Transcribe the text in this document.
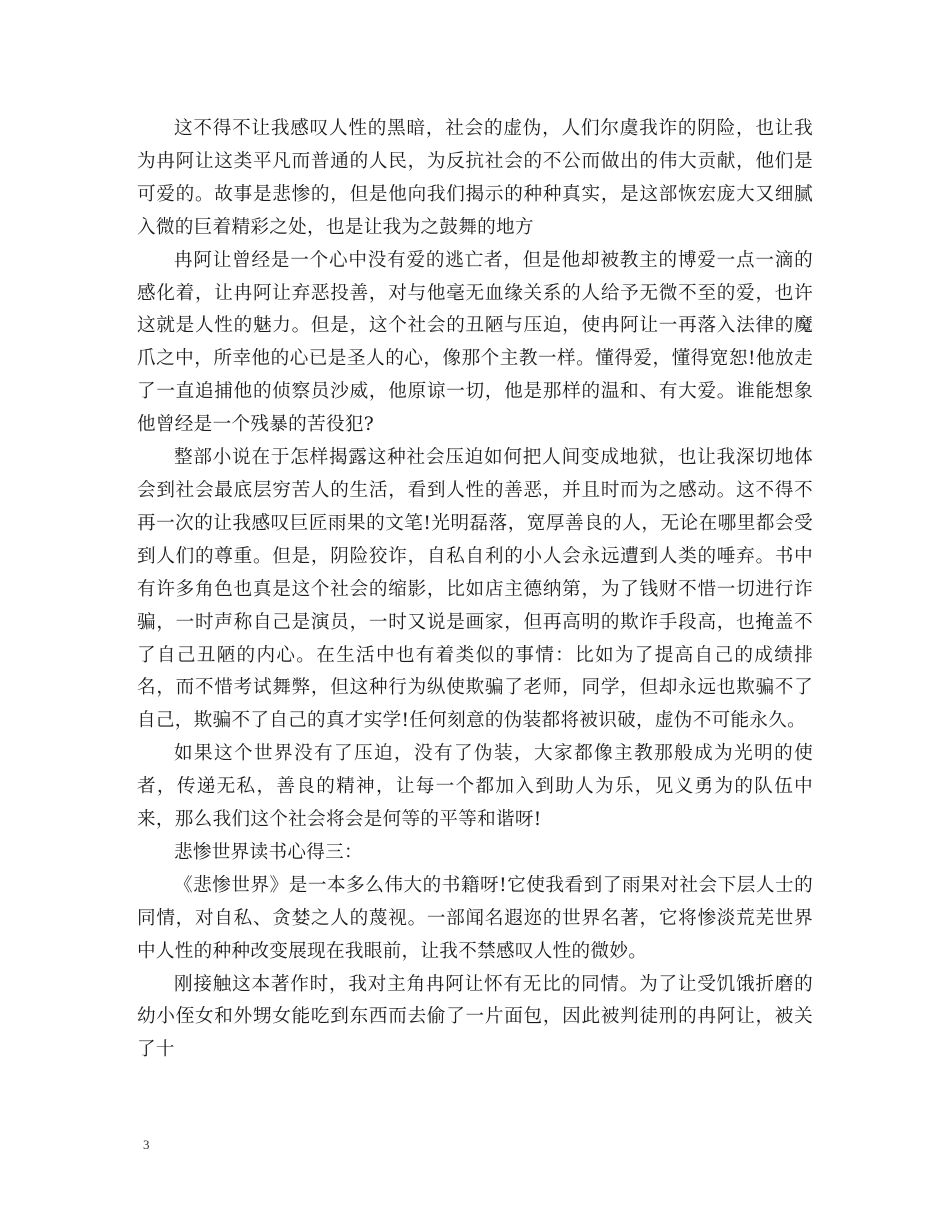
这不得不让我感叹人性的黑暗，社会的虚伪，人们尔虞我诈的阴险，也让我为冉阿让这类平凡而普通的人民，为反抗社会的不公而做出的伟大贡献，他们是可爱的。故事是悲惨的，但是他向我们揭示的种种真实，是这部恢宏庞大又细腻入微的巨着精彩之处，也是让我为之鼓舞的地方

冉阿让曾经是一个心中没有爱的逃亡者，但是他却被教主的博爱一点一滴的感化着，让冉阿让弃恶投善，对与他毫无血缘关系的人给予无微不至的爱，也许这就是人性的魅力。但是，这个社会的丑陋与压迫，使冉阿让一再落入法律的魔爪之中，所幸他的心已是圣人的心，像那个主教一样。懂得爱，懂得宽恕!他放走了一直追捕他的侦察员沙威，他原谅一切，他是那样的温和、有大爱。谁能想象他曾经是一个残暴的苦役犯?

整部小说在于怎样揭露这种社会压迫如何把人间变成地狱，也让我深切地体会到社会最底层穷苦人的生活，看到人性的善恶，并且时而为之感动。这不得不再一次的让我感叹巨匠雨果的文笔!光明磊落，宽厚善良的人，无论在哪里都会受到人们的尊重。但是，阴险狡诈，自私自利的小人会永远遭到人类的唾弃。书中有许多角色也真是这个社会的缩影，比如店主德纳第，为了钱财不惜一切进行诈骗，一时声称自己是演员，一时又说是画家，但再高明的欺诈手段高，也掩盖不了自己丑陋的内心。在生活中也有着类似的事情：比如为了提高自己的成绩排名，而不惜考试舞弊，但这种行为纵使欺骗了老师，同学，但却永远也欺骗不了自己，欺骗不了自己的真才实学!任何刻意的伪装都将被识破，虚伪不可能永久。

如果这个世界没有了压迫，没有了伪装，大家都像主教那般成为光明的使者，传递无私，善良的精神，让每一个都加入到助人为乐，见义勇为的队伍中来，那么我们这个社会将会是何等的平等和谐呀!

悲惨世界读书心得三：

《悲惨世界》是一本多么伟大的书籍呀!它使我看到了雨果对社会下层人士的同情，对自私、贪婪之人的蔑视。一部闻名遐迩的世界名著，它将惨淡荒芜世界中人性的种种改变展现在我眼前，让我不禁感叹人性的微妙。

刚接触这本著作时，我对主角冉阿让怀有无比的同情。为了让受饥饿折磨的幼小侄女和外甥女能吃到东西而去偷了一片面包，因此被判徒刑的冉阿让，被关了十

3
